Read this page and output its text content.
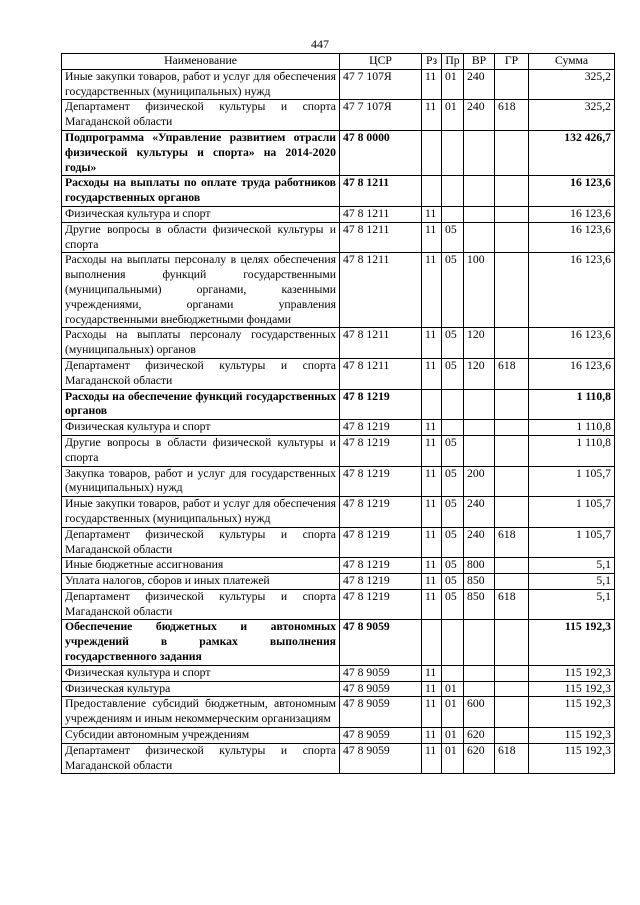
447
Наименование	ЦСР	Рз	Пр	ВР	ГР	Сумма
Иные закупки товаров, работ и услуг для обеспечения государственных (муниципальных) нужд	47 7 107Я	11	01	240		325,2
Департамент физической культуры и спорта Магаданской области	47 7 107Я	11	01	240	618	325,2
Подпрограмма «Управление развитием отрасли физической культуры и спорта» на 2014-2020 годы»	47 8 0000					132 426,7
Расходы на выплаты по оплате труда работников государственных органов	47 8 1211					16 123,6
Физическая культура и спорт	47 8 1211	11				16 123,6
Другие вопросы в области физической культуры и спорта	47 8 1211	11	05			16 123,6
Расходы на выплаты персоналу в целях обеспечения выполнения функций государственными (муниципальными) органами, казенными учреждениями, органами управления государственными внебюджетными фондами	47 8 1211	11	05	100		16 123,6
Расходы на выплаты персоналу государственных (муниципальных) органов	47 8 1211	11	05	120		16 123,6
Департамент физической культуры и спорта Магаданской области	47 8 1211	11	05	120	618	16 123,6
Расходы на обеспечение функций государственных органов	47 8 1219					1 110,8
Физическая культура и спорт	47 8 1219	11				1 110,8
Другие вопросы в области физической культуры и спорта	47 8 1219	11	05			1 110,8
Закупка товаров, работ и услуг для государственных (муниципальных) нужд	47 8 1219	11	05	200		1 105,7
Иные закупки товаров, работ и услуг для обеспечения государственных (муниципальных) нужд	47 8 1219	11	05	240		1 105,7
Департамент физической культуры и спорта Магаданской области	47 8 1219	11	05	240	618	1 105,7
Иные бюджетные ассигнования	47 8 1219	11	05	800		5,1
Уплата налогов, сборов и иных платежей	47 8 1219	11	05	850		5,1
Департамент физической культуры и спорта Магаданской области	47 8 1219	11	05	850	618	5,1
Обеспечение бюджетных и автономных учреждений в рамках выполнения государственного задания	47 8 9059					115 192,3
Физическая культура и спорт	47 8 9059	11				115 192,3
Физическая культура	47 8 9059	11	01			115 192,3
Предоставление субсидий бюджетным, автономным учреждениям и иным некоммерческим организациям	47 8 9059	11	01	600		115 192,3
Субсидии автономным учреждениям	47 8 9059	11	01	620		115 192,3
Департамент физической культуры и спорта Магаданской области	47 8 9059	11	01	620	618	115 192,3
